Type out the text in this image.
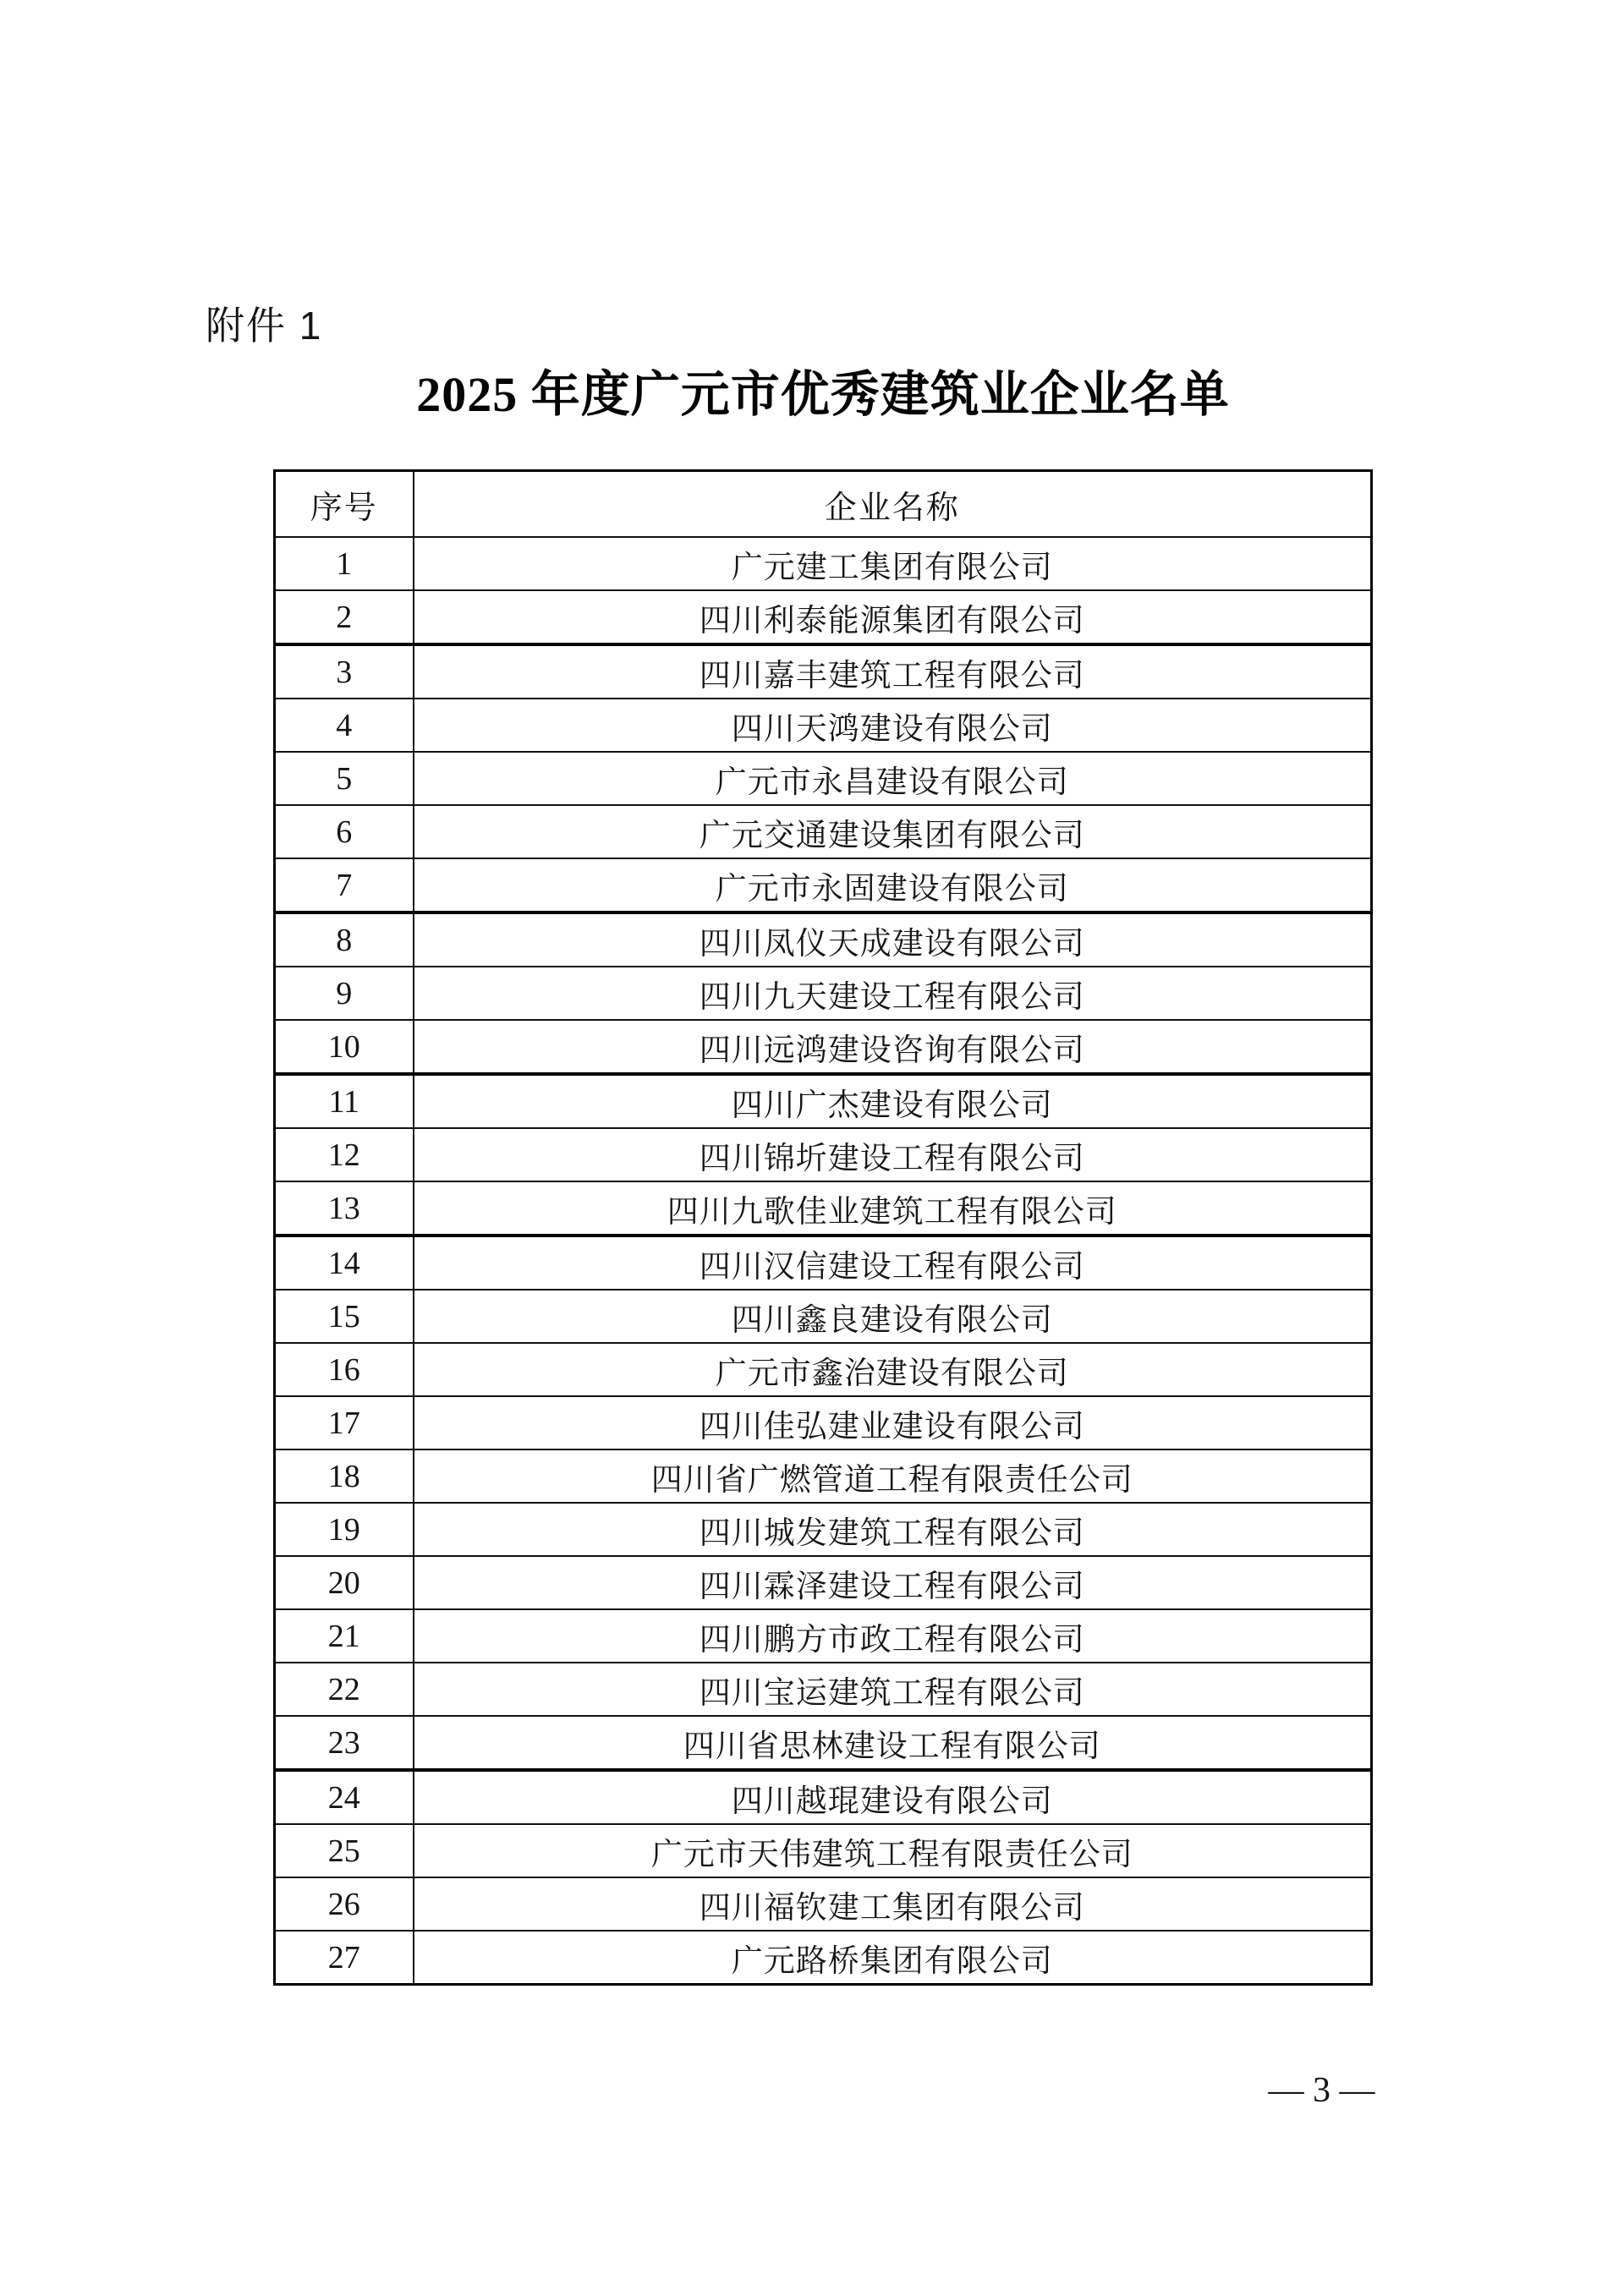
附件 1
2025 年度广元市优秀建筑业企业名单
序号	企业名称
1	广元建工集团有限公司
2	四川利泰能源集团有限公司
3	四川嘉丰建筑工程有限公司
4	四川天鸿建设有限公司
5	广元市永昌建设有限公司
6	广元交通建设集团有限公司
7	广元市永固建设有限公司
8	四川凤仪天成建设有限公司
9	四川九天建设工程有限公司
10	四川远鸿建设咨询有限公司
11	四川广杰建设有限公司
12	四川锦圻建设工程有限公司
13	四川九歌佳业建筑工程有限公司
14	四川汉信建设工程有限公司
15	四川鑫良建设有限公司
16	广元市鑫治建设有限公司
17	四川佳弘建业建设有限公司
18	四川省广燃管道工程有限责任公司
19	四川城发建筑工程有限公司
20	四川霖泽建设工程有限公司
21	四川鹏方市政工程有限公司
22	四川宝运建筑工程有限公司
23	四川省思林建设工程有限公司
24	四川越琨建设有限公司
25	广元市天伟建筑工程有限责任公司
26	四川福钦建工集团有限公司
27	广元路桥集团有限公司
— 3 —
